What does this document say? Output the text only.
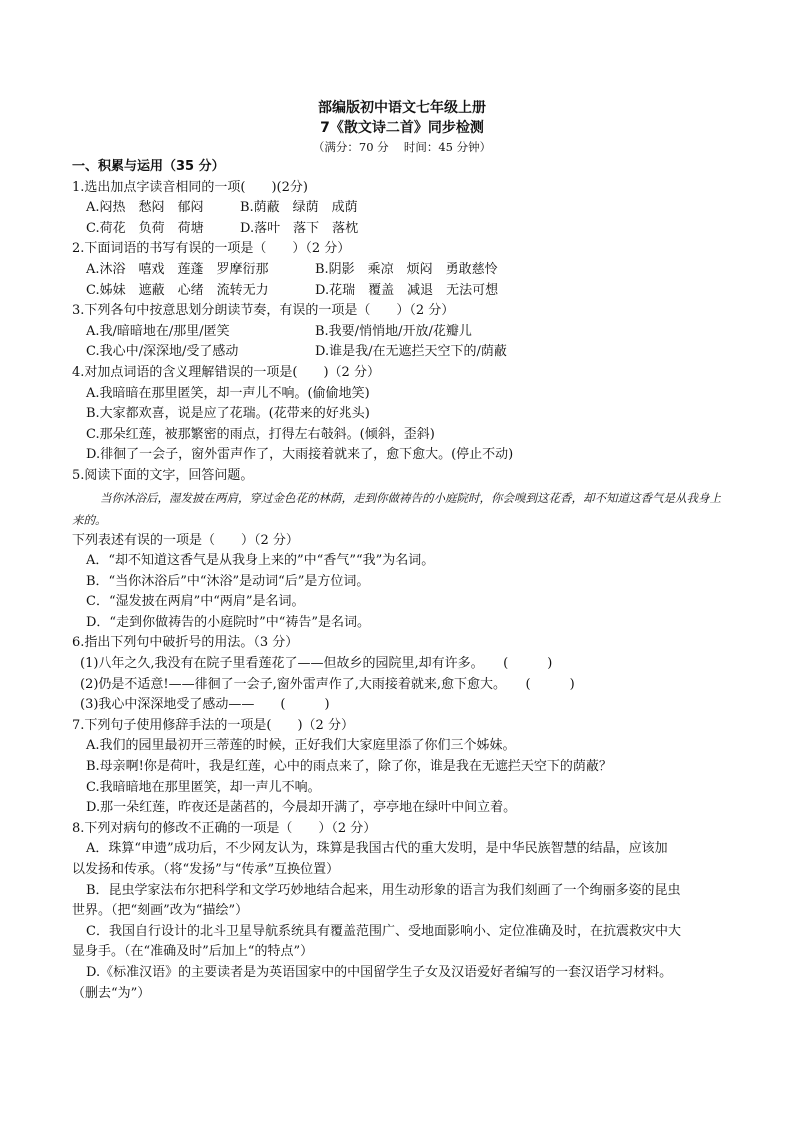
部编版初中语文七年级上册
7《散文诗二首》同步检测
（满分：70 分　 时间：45 分钟）
一、积累与运用（35 分）
1.选出加点字读音相同的一项(　　)(2分)
A.闷热　愁闷　郁闷	B.荫蔽　绿荫　成荫
C.荷花　负荷　荷塘	D.落叶　落下　落枕
2.下面词语的书写有误的一项是（　　）（2 分）
A.沐浴　嘻戏　莲蓬　罗摩衍那	B.阴影　乘凉　烦闷　勇敢慈怜
C.姊妹　遮蔽　心绪　流转无力	D.花瑞　覆盖　减退　无法可想
3.下列各句中按意思划分朗读节奏，有误的一项是（　　）（2 分）
A.我/暗暗地在/那里/匿笑	B.我要/悄悄地/开放/花瓣儿
C.我心中/深深地/受了感动	D.谁是我/在无遮拦天空下的/荫蔽
4.对加点词语的含义理解错误的一项是(　　)（2 分）
A.我暗暗在那里匿笑，却一声儿不响。(偷偷地笑)
B.大家都欢喜，说是应了花瑞。(花带来的好兆头)
C.那朵红莲，被那繁密的雨点，打得左右攲斜。(倾斜，歪斜)
D.徘徊了一会子，窗外雷声作了，大雨接着就来了，愈下愈大。(停止不动)
5.阅读下面的文字，回答问题。
当你沐浴后，湿发披在两肩，穿过金色花的林荫，走到你做祷告的小庭院时，你会嗅到这花香，却不知道这香气是从我身上来的。
下列表述有误的一项是（　　）（2 分）
A．“却不知道这香气是从我身上来的”中“香气”“我”为名词。
B．“当你沐浴后”中“沐浴”是动词“后”是方位词。
C．“湿发披在两肩”中“两肩”是名词。
D．“走到你做祷告的小庭院时”中“祷告”是名词。
6.指出下列句中破折号的用法。（3 分）
(1)八年之久,我没有在院子里看莲花了——但故乡的园院里,却有许多。　　(　　　)
(2)仍是不适意!——徘徊了一会子,窗外雷声作了,大雨接着就来,愈下愈大。　　(　　　)
(3)我心中深深地受了感动——　　(　　　)
7.下列句子使用修辞手法的一项是(　　)（2 分）
A.我们的园里最初开三蒂莲的时候，正好我们大家庭里添了你们三个姊妹。
B.母亲啊!你是荷叶，我是红莲，心中的雨点来了，除了你，谁是我在无遮拦天空下的荫蔽？
C.我暗暗地在那里匿笑，却一声儿不响。
D.那一朵红莲，昨夜还是菡萏的，今晨却开满了，亭亭地在绿叶中间立着。
8.下列对病句的修改不正确的一项是（　　）（2 分）
A．珠算“申遗”成功后，不少网友认为，珠算是我国古代的重大发明，是中华民族智慧的结晶，应该加
以发扬和传承。（将“发扬”与“传承”互换位置）
B．昆虫学家法布尔把科学和文学巧妙地结合起来，用生动形象的语言为我们刻画了一个绚丽多姿的昆虫
世界。（把“刻画”改为“描绘”）
C．我国自行设计的北斗卫星导航系统具有覆盖范围广、受地面影响小、定位准确及时，在抗震救灾中大
显身手。（在“准确及时”后加上“的特点”）
D.《标准汉语》的主要读者是为英语国家中的中国留学生子女及汉语爱好者编写的一套汉语学习材料。
（删去“为”）
